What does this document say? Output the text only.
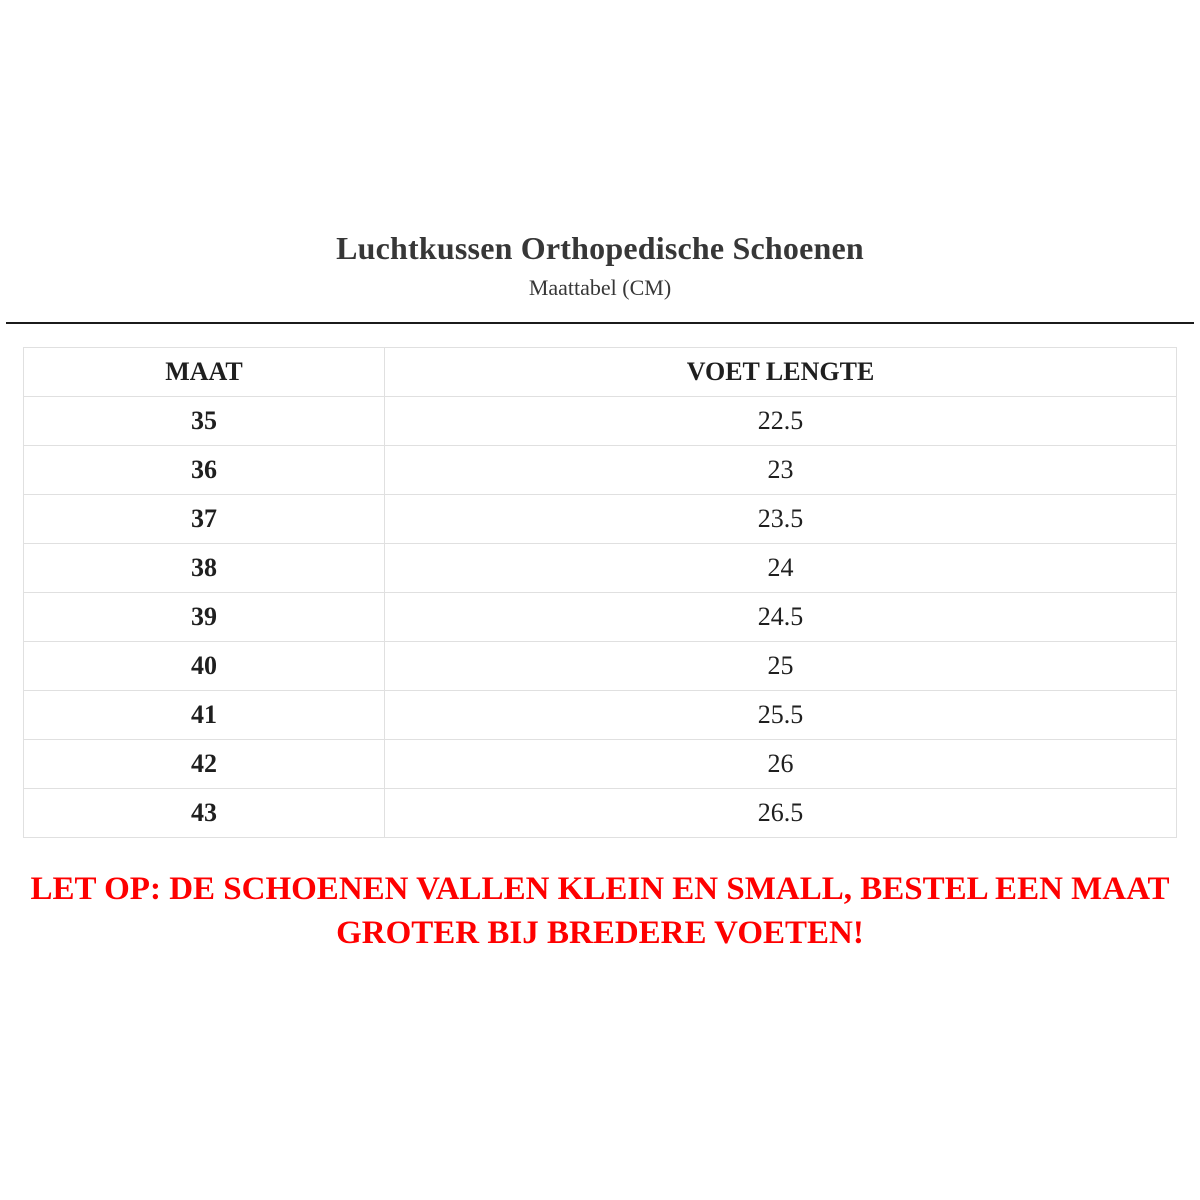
Luchtkussen Orthopedische Schoenen
Maattabel (CM)
MAAT	VOET LENGTE
35	22.5
36	23
37	23.5
38	24
39	24.5
40	25
41	25.5
42	26
43	26.5
LET OP: DE SCHOENEN VALLEN KLEIN EN SMALL, BESTEL EEN MAAT
GROTER BIJ BREDERE VOETEN!
